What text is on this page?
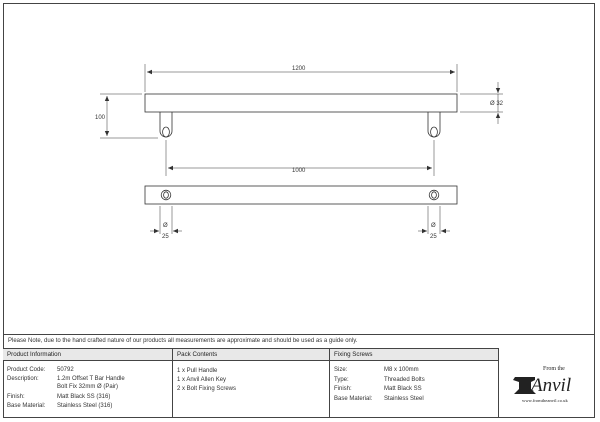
1200
100
Ø 32
1000
Ø
25
Ø
25
Please Note, due to the hand crafted nature of our products all measurements are approximate and should be used as a guide only.
Product Information
Product Code: 50792
Description:	1.2m Offset T Bar Handle Bolt Fix 32mm Ø (Pair)
Finish:	Matt Black SS (316)
Base Material: Stainless Steel (316)
Pack Contents
1 x Pull Handle
1 x Anvil Allen Key
2 x Bolt Fixing Screws
Fixing Screws
Size:	M8 x 100mm
Type:	Threaded Bolts
Finish:	Matt Black SS
Base Material: Stainless Steel
From the
Anvil
www.fromtheanvil.co.uk
